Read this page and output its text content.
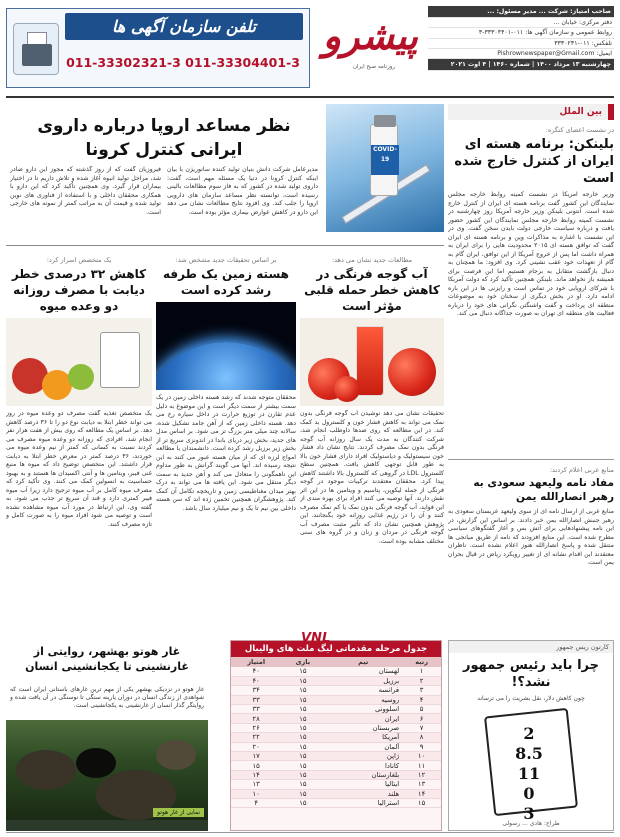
صاحب امتیاز: شرکت ... مدیر مسئول: ...
دفتر مرکزی: خیابان ...
روابط عمومی و سازمان آگهی ها: ۰۱۱-۳۳۳۰۴۴۰۱-۳
تلفکس: ۰۱۱-۳۳۳۰۲۳۱
ایمیل: Pishrownewspaper@Gmail.com
چهارشنبه ۱۳ مرداد ۱۴۰۰ | شماره ۱۴۶۰ | ۴ اوت ۲۰۲۱
پیشرو
روزنامه صبح ایران
تلفن سازمان آگهی ها
011-33302321-3 011-33304401-3
بین الملل
در نشست اعضای کنگره:
بلینکن: برنامه هسته ای ایران از کنترل خارج شده است
وزیر خارجه آمریکا در نشست کمیته روابط خارجه مجلس نمایندگان این کشور گفت برنامه هسته ای ایران از کنترل خارج شده است. آنتونی بلینکن وزیر خارجه آمریکا روز چهارشنبه در نشست کمیته روابط خارجه مجلس نمایندگان این کشور حضور یافت و درباره سیاست خارجی دولت بایدن سخن گفت. وی در این نشست با اشاره به مذاکرات وین و برنامه هسته ای ایران گفت که توافق هسته ای ۲۰۱۵ محدودیت هایی را برای ایران به همراه داشت اما پس از خروج آمریکا از این توافق، ایران گام به گام از تعهدات خود عقب نشینی کرد. وی افزود: ما همچنان به دنبال بازگشت متقابل به برجام هستیم اما این فرصت برای همیشه باز نخواهد ماند. بلینکن همچنین تأکید کرد که دولت آمریکا با شرکای اروپایی خود در تماس است و رایزنی ها در این باره ادامه دارد. او در بخش دیگری از سخنان خود به موضوعات منطقه ای پرداخت و گفت واشنگتن نگرانی های خود را درباره فعالیت های منطقه ای تهران به صورت جداگانه دنبال می کند.
منابع عربی اعلام کردند:
مفاد نامه ولیعهد سعودی به رهبر انصارالله یمن
منابع عربی از ارسال نامه ای از سوی ولیعهد عربستان سعودی به رهبر جنبش انصارالله یمن خبر دادند. بر اساس این گزارش، در این نامه پیشنهادهایی برای آتش بس و آغاز گفتگوهای سیاسی مطرح شده است. این منابع افزودند که نامه از طریق میانجی ها منتقل شده و پاسخ انصارالله هنوز اعلام نشده است. ناظران معتقدند این اقدام نشانه ای از تغییر رویکرد ریاض در قبال بحران یمن است.
COVID-19
نظر مساعد اروپا درباره داروی ایرانی کنترل کرونا
مدیرعامل شرکت دانش بنیان تولید کننده سانوریژن با بیان اینکه کنترل کرونا در دنیا یک مسئله مهم است، گفت: داروی تولید شده در کشور که به فاز سوم مطالعات بالینی رسیده است، توانسته نظر مساعد سازمان های دارویی اروپا را جلب کند. وی افزود نتایج مطالعات نشان می دهد این دارو در کاهش عوارض بیماری مؤثر بوده است.
فیروزیان گفت که از روز گذشته که مجوز این دارو صادر شد، مراحل تولید انبوه آغاز شده و تلاش داریم تا در اختیار بیماران قرار گیرد. وی همچنین تأکید کرد که این دارو با همکاری محققان داخلی و با استفاده از فناوری های نوین تولید شده و قیمت آن به مراتب کمتر از نمونه های خارجی است.
مطالعات جدید نشان می دهد:
آب گوجه فرنگی در کاهش خطر حمله قلبی مؤثر است
تحقیقات نشان می دهد نوشیدن آب گوجه فرنگی بدون نمک می تواند به کاهش فشار خون و کلسترول بد کمک کند. در این مطالعه که روی صدها داوطلب انجام شد، شرکت کنندگان به مدت یک سال روزانه آب گوجه فرنگی بدون نمک مصرف کردند. نتایج نشان داد فشار خون سیستولیک و دیاستولیک افراد دارای فشار خون بالا به طور قابل توجهی کاهش یافت. همچنین سطح کلسترول LDL در گروهی که کلسترول بالا داشتند کاهش پیدا کرد. محققان معتقدند ترکیبات موجود در گوجه فرنگی از جمله لیکوپن، پتاسیم و ویتامین ها در این اثر نقش دارند. آنها توصیه می کنند افراد برای بهره مندی از این فواید، آب گوجه فرنگی بدون نمک یا کم نمک مصرف کنند و آن را در رژیم غذایی روزانه خود بگنجانند. این پژوهش همچنین نشان داد که تأثیر مثبت مصرف آب گوجه فرنگی در مردان و زنان و در گروه های سنی مختلف مشابه بوده است.
بر اساس تحقیقات جدید مشخص شد:
هسته زمین یک طرفه رشد کرده است
محققان متوجه شدند که رشد هسته داخلی زمین در یک سمت بیشتر از سمت دیگر است و این موضوع به دلیل عدم تقارن در توزیع حرارت در داخل سیاره رخ می دهد. هسته داخلی زمین که از آهن جامد تشکیل شده، سالانه چند میلی متر بزرگ تر می شود. بر اساس مدل های جدید، بخش زیر دریای باندا در اندونزی سریع تر از بخش زیر برزیل رشد کرده است. دانشمندان با مطالعه امواج لرزه ای که از میان هسته عبور می کنند به این نتیجه رسیده اند. آنها می گویند گرانش به طور مداوم این ناهمگونی را متعادل می کند و آهن جدید به سمت دیگر منتقل می شود. این یافته ها می تواند به درک بهتر میدان مغناطیسی زمین و تاریخچه تکامل آن کمک کند. پژوهشگران همچنین تخمین زده اند که سن هسته داخلی بین نیم تا یک و نیم میلیارد سال باشد.
یک متخصص اسرار کرد:
کاهش ۳۲ درصدی خطر دیابت با مصرف روزانه دو وعده میوه
یک متخصص تغذیه گفت مصرف دو وعده میوه در روز می تواند خطر ابتلا به دیابت نوع دو را تا ۳۶ درصد کاهش دهد. بر اساس یک مطالعه که روی بیش از هفت هزار نفر انجام شد، افرادی که روزانه دو وعده میوه مصرف می کردند نسبت به کسانی که کمتر از نیم وعده میوه می خوردند، ۳۶ درصد کمتر در معرض خطر ابتلا به دیابت قرار داشتند. این متخصص توضیح داد که میوه ها منبع غنی فیبر، ویتامین ها و آنتی اکسیدان ها هستند و به بهبود حساسیت به انسولین کمک می کنند. وی تأکید کرد که مصرف میوه کامل بر آب میوه ترجیح دارد زیرا آب میوه فیبر کمتری دارد و قند آن سریع تر جذب می شود. به گفته وی، این ارتباط در مورد آب میوه مشاهده نشده است و توصیه می شود افراد میوه را به صورت کامل و تازه مصرف کنند.
کارتون ریس جمهور
چرا باید رئیس جمهور نشد؟!
چون کاهش دلار، نقل بشریت را می ترساند
2
8.5
11
0
3
طراح: هادی ... رسولی
VNL
جدول مرحله مقدماتی لیگ ملت های والیبال
رتبه	تیم	بازی	امتیاز
۱	لهستان	۱۵	۴۰
۲	برزیل	۱۵	۴۰
۳	فرانسه	۱۵	۳۴
۴	روسیه	۱۵	۳۳
۵	اسلوونی	۱۵	۳۳
۶	ایران	۱۵	۲۸
۷	صربستان	۱۵	۲۶
۸	آمریکا	۱۵	۲۲
۹	آلمان	۱۵	۲۰
۱۰	ژاپن	۱۵	۱۷
۱۱	کانادا	۱۵	۱۵
۱۲	بلغارستان	۱۵	۱۴
۱۳	ایتالیا	۱۵	۱۳
۱۴	هلند	۱۵	۱۰
۱۵	استرالیا	۱۵	۴
غار هوتو بهشهر، روایتی از غارنشینی تا یکجانشینی انسان
غار هوتو در نزدیکی بهشهر یکی از مهم ترین غارهای باستانی ایران است که شواهدی از زندگی انسان در دوران پارینه سنگی تا نوسنگی در آن یافت شده و روایتگر گذار انسان از غارنشینی به یکجانشینی است.
نمایی از غار هوتو
